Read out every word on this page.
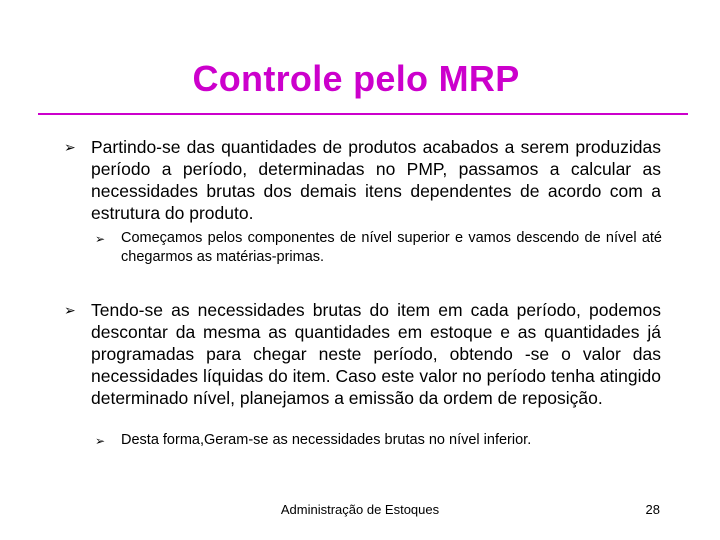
Controle pelo MRP
➢ Partindo-se das quantidades de produtos acabados a serem produzidas período a período, determinadas no PMP, passamos a calcular as necessidades brutas dos demais itens dependentes de acordo com a estrutura do produto.
➢ Começamos pelos componentes de nível superior e vamos descendo de nível até chegarmos as matérias-primas.
➢ Tendo-se as necessidades brutas do item em cada período, podemos descontar da mesma as quantidades em estoque e as quantidades já programadas para chegar neste período, obtendo -se o valor das necessidades líquidas do item. Caso este valor no período tenha atingido determinado nível, planejamos a emissão da ordem de reposição.
➢ Desta forma,Geram-se as necessidades brutas no nível inferior.
Administração de Estoques	28
